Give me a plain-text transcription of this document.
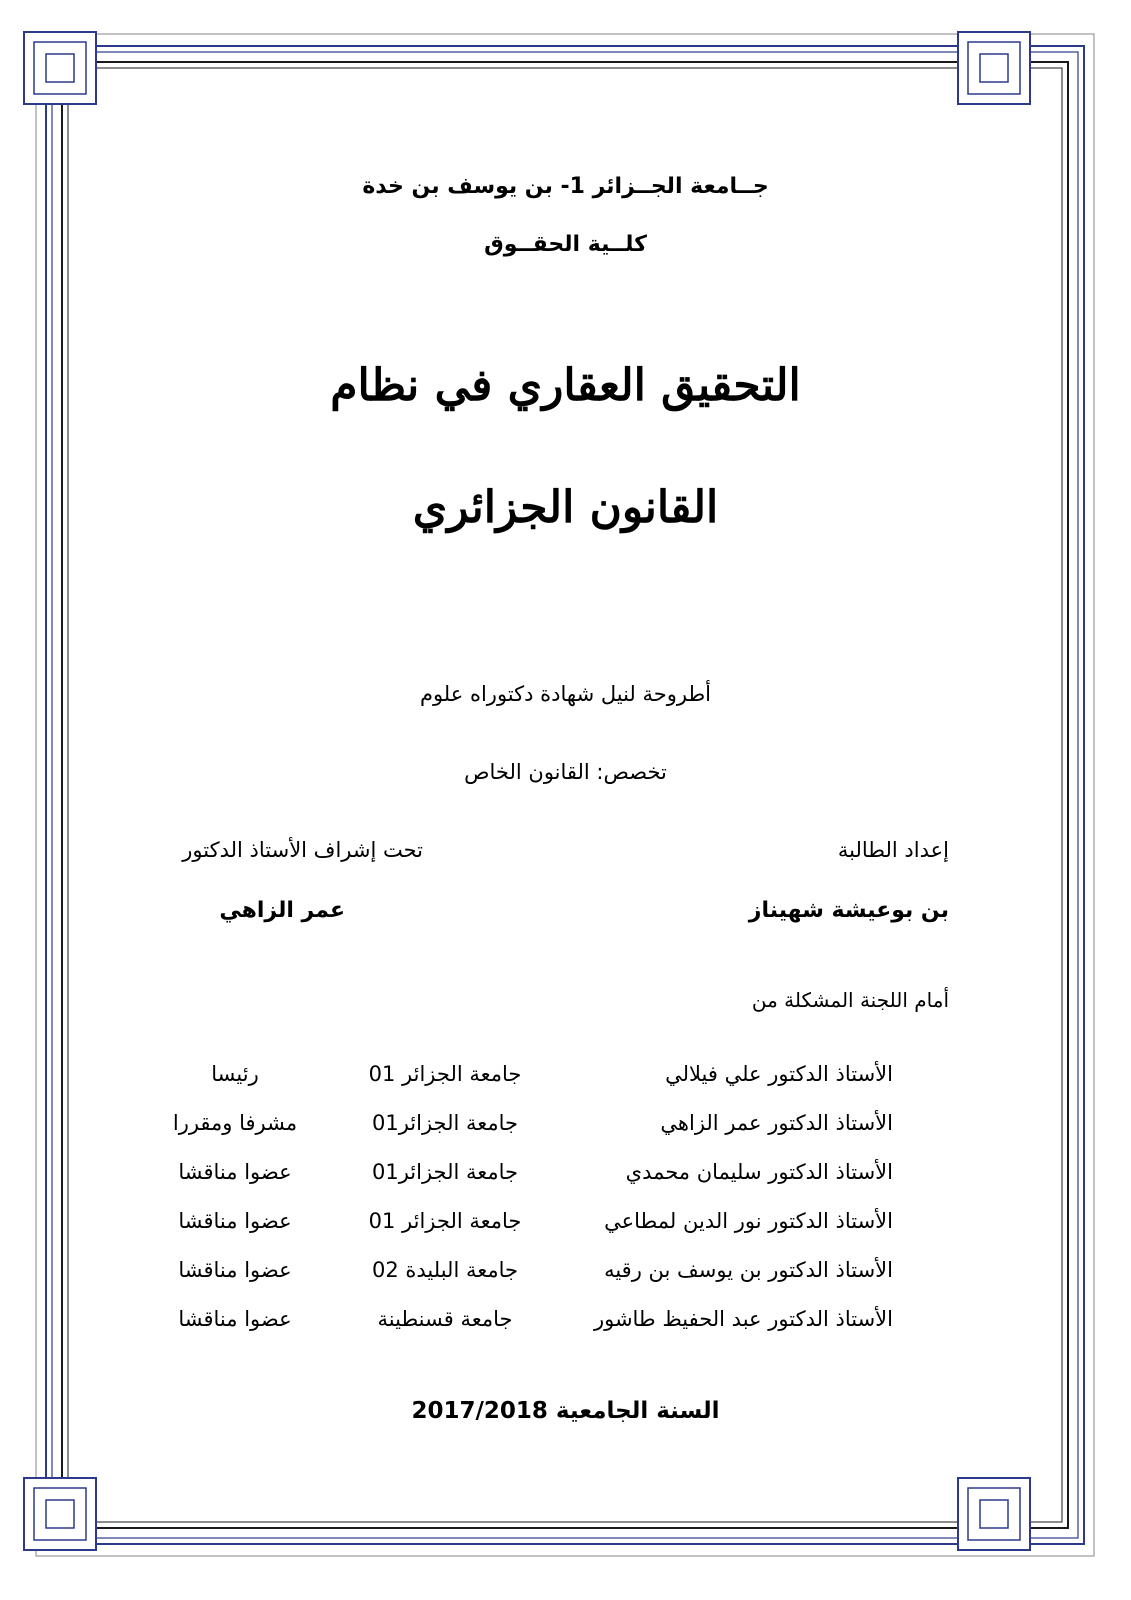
جــامعة الجــزائر 1- بن يوسف بن خدة
كلــية الحقــوق
التحقيق العقاري في نظام
القانون الجزائري
أطروحة لنيل شهادة دكتوراه علوم
تخصص: القانون الخاص
إعداد الطالبة
تحت إشراف الأستاذ الدكتور
بن بوعيشة شهيناز
عمر الزاهي
أمام اللجنة المشكلة من
الأستاذ الدكتور علي فيلالي
جامعة الجزائر 01
رئيسا
الأستاذ الدكتور عمر الزاهي
جامعة الجزائر01
مشرفا ومقررا
الأستاذ الدكتور سليمان محمدي
جامعة الجزائر01
عضوا مناقشا
الأستاذ الدكتور نور الدين لمطاعي
جامعة الجزائر 01
عضوا مناقشا
الأستاذ الدكتور بن يوسف بن رقيه
جامعة البليدة 02
عضوا مناقشا
الأستاذ الدكتور عبد الحفيظ طاشور
جامعة قسنطينة
عضوا مناقشا
السنة الجامعية 2017/2018
